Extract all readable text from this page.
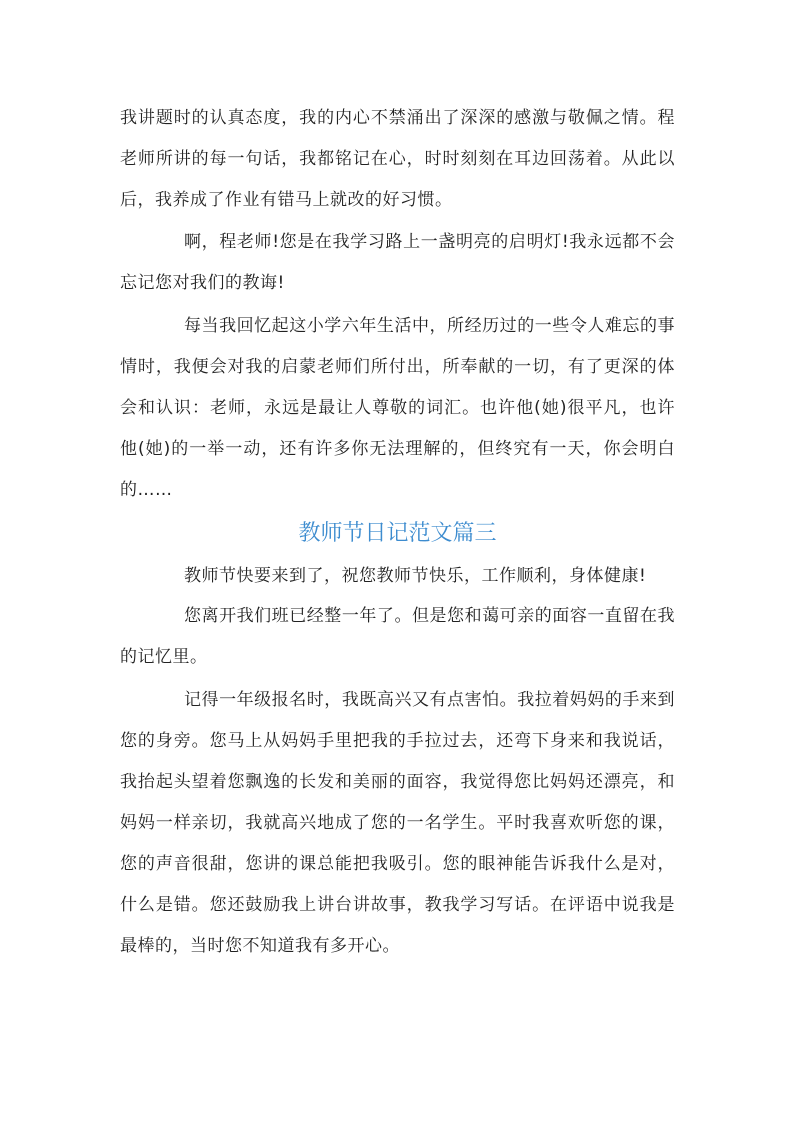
我讲题时的认真态度，我的内心不禁涌出了深深的感激与敬佩之情。程老师所讲的每一句话，我都铭记在心，时时刻刻在耳边回荡着。从此以后，我养成了作业有错马上就改的好习惯。

啊，程老师!您是在我学习路上一盏明亮的启明灯!我永远都不会忘记您对我们的教诲!

每当我回忆起这小学六年生活中，所经历过的一些令人难忘的事情时，我便会对我的启蒙老师们所付出，所奉献的一切，有了更深的体会和认识：老师，永远是最让人尊敬的词汇。也许他(她)很平凡，也许他(她)的一举一动，还有许多你无法理解的，但终究有一天，你会明白的……

教师节日记范文篇三

教师节快要来到了，祝您教师节快乐，工作顺利，身体健康!

您离开我们班已经整一年了。但是您和蔼可亲的面容一直留在我的记忆里。

记得一年级报名时，我既高兴又有点害怕。我拉着妈妈的手来到您的身旁。您马上从妈妈手里把我的手拉过去，还弯下身来和我说话，我抬起头望着您飘逸的长发和美丽的面容，我觉得您比妈妈还漂亮，和妈妈一样亲切，我就高兴地成了您的一名学生。平时我喜欢听您的课，您的声音很甜，您讲的课总能把我吸引。您的眼神能告诉我什么是对，什么是错。您还鼓励我上讲台讲故事，教我学习写话。在评语中说我是最棒的，当时您不知道我有多开心。
